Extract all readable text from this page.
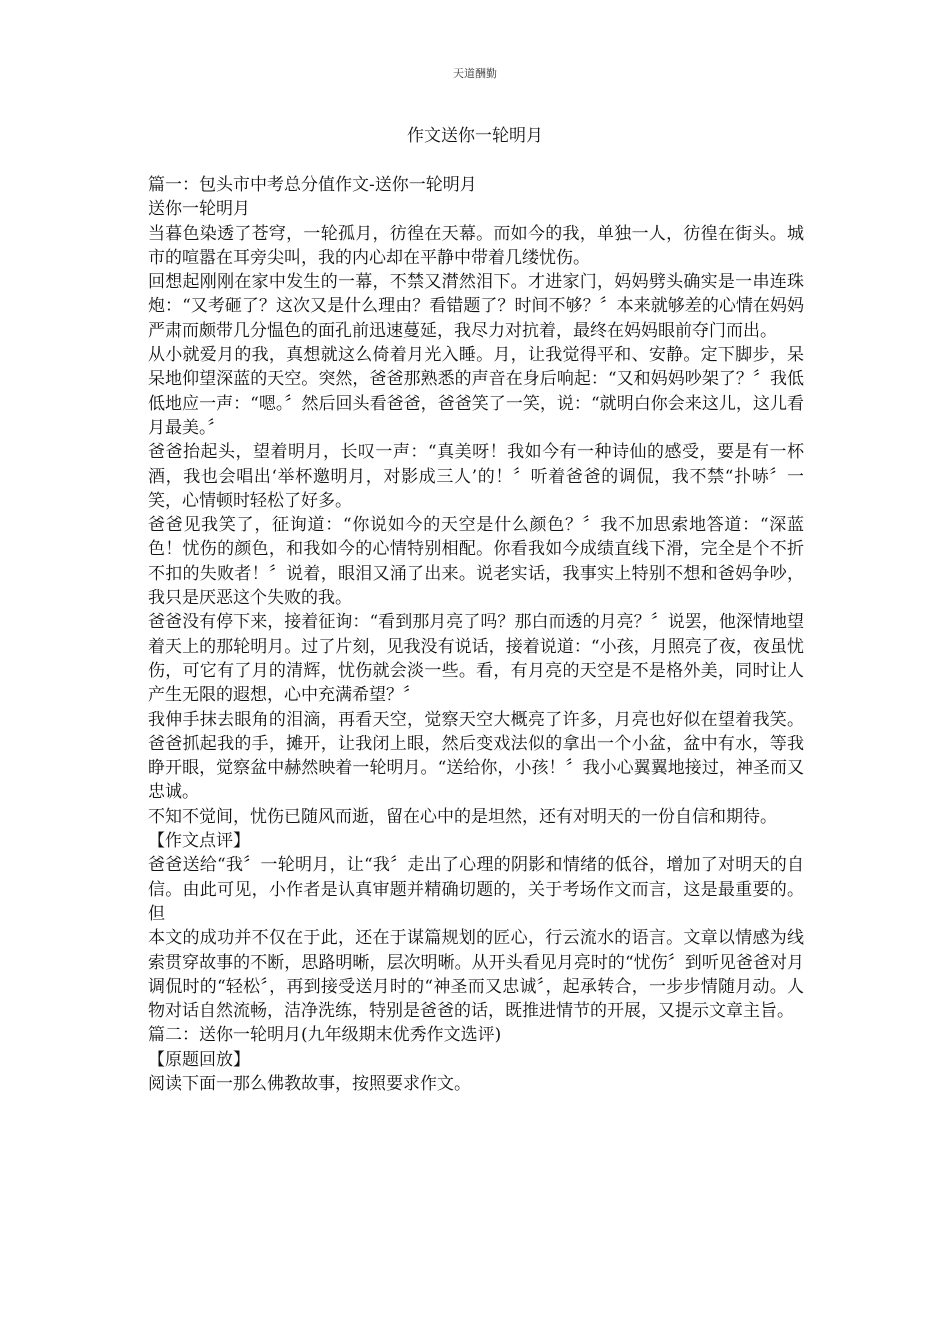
天道酬勤
作文送你一轮明月

篇一：包头市中考总分值作文-送你一轮明月

送你一轮明月

当暮色染透了苍穹，一轮孤月，彷徨在天幕。而如今的我，单独一人，彷徨在街头。城市的喧嚣在耳旁尖叫，我的内心却在平静中带着几缕忧伤。

回想起刚刚在家中发生的一幕，不禁又潸然泪下。才进家门，妈妈劈头确实是一串连珠炮：“又考砸了？这次又是什么理由？看错题了？时间不够？〞本来就够差的心情在妈妈严肃而颇带几分愠色的面孔前迅速蔓延，我尽力对抗着，最终在妈妈眼前夺门而出。

从小就爱月的我，真想就这么倚着月光入睡。月，让我觉得平和、安静。定下脚步，呆呆地仰望深蓝的天空。突然，爸爸那熟悉的声音在身后响起：“又和妈妈吵架了？〞我低低地应一声：“嗯。〞然后回头看爸爸，爸爸笑了一笑，说：“就明白你会来这儿，这儿看月最美。〞

爸爸抬起头，望着明月，长叹一声：“真美呀！我如今有一种诗仙的感受，要是有一杯酒，我也会唱出‘举杯邀明月，对影成三人’的！〞听着爸爸的调侃，我不禁“扑哧〞一笑，心情顿时轻松了好多。

爸爸见我笑了，征询道：“你说如今的天空是什么颜色？〞我不加思索地答道：“深蓝色！忧伤的颜色，和我如今的心情特别相配。你看我如今成绩直线下滑，完全是个不折不扣的失败者！〞说着，眼泪又涌了出来。说老实话，我事实上特别不想和爸妈争吵，我只是厌恶这个失败的我。

爸爸没有停下来，接着征询：“看到那月亮了吗？那白而透的月亮？〞说罢，他深情地望着天上的那轮明月。过了片刻，见我没有说话，接着说道：“小孩，月照亮了夜，夜虽忧伤，可它有了月的清辉，忧伤就会淡一些。看，有月亮的天空是不是格外美，同时让人产生无限的遐想，心中充满希望？〞

我伸手抹去眼角的泪滴，再看天空，觉察天空大概亮了许多，月亮也好似在望着我笑。爸爸抓起我的手，摊开，让我闭上眼，然后变戏法似的拿出一个小盆，盆中有水，等我睁开眼，觉察盆中赫然映着一轮明月。“送给你，小孩！〞我小心翼翼地接过，神圣而又忠诚。

不知不觉间，忧伤已随风而逝，留在心中的是坦然，还有对明天的一份自信和期待。

【作文点评】

爸爸送给“我〞一轮明月，让“我〞走出了心理的阴影和情绪的低谷，增加了对明天的自信。由此可见，小作者是认真审题并精确切题的，关于考场作文而言，这是最重要的。但

本文的成功并不仅在于此，还在于谋篇规划的匠心，行云流水的语言。文章以情感为线索贯穿故事的不断，思路明晰，层次明晰。从开头看见月亮时的“忧伤〞到听见爸爸对月调侃时的“轻松〞，再到接受送月时的“神圣而又忠诚〞，起承转合，一步步情随月动。人物对话自然流畅，洁净洗练，特别是爸爸的话，既推进情节的开展，又提示文章主旨。

篇二：送你一轮明月(九年级期末优秀作文选评)

【原题回放】

阅读下面一那么佛教故事，按照要求作文。
